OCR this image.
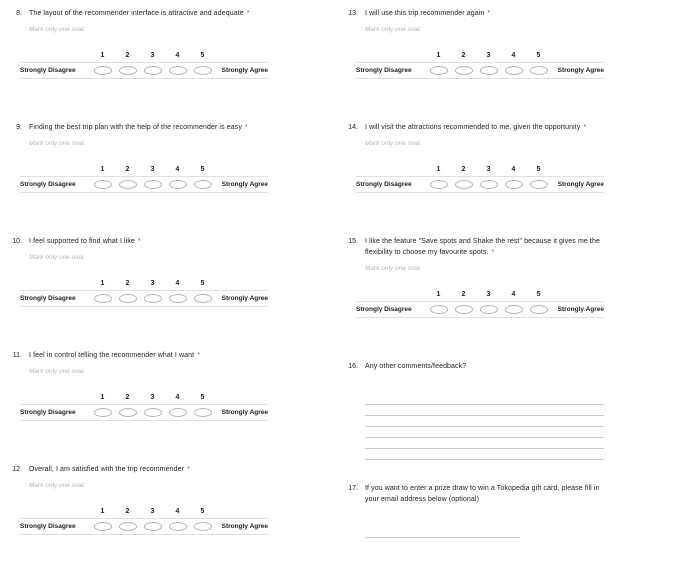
8. The layout of the recommender interface is attractive and adequate *
Mark only one oval.
1	2	3	4	5
Strongly Disagree	Strongly Agree
9. Finding the best trip plan with the help of the recommender is easy *
Mark only one oval.
1	2	3	4	5
Strongly Disagree	Strongly Agree
10. I feel supported to find what I like *
Mark only one oval.
1	2	3	4	5
Strongly Disagree	Strongly Agree
11. I feel in control telling the recommender what I want *
Mark only one oval.
1	2	3	4	5
Strongly Disagree	Strongly Agree
12. Overall, I am satisfied with the trip recommender *
Mark only one oval.
1	2	3	4	5
Strongly Disagree	Strongly Agree
13. I will use this trip recommender again *
Mark only one oval.
1	2	3	4	5
Strongly Disagree	Strongly Agree
14. I will visit the attractions recommended to me, given the opportunity *
Mark only one oval.
1	2	3	4	5
Strongly Disagree	Strongly Agree
15. I like the feature "Save spots and Shake the rest" because it gives me the flexibility to choose my favourite spots. *
Mark only one oval.
1	2	3	4	5
Strongly Disagree	Strongly Agree
16. Any other comments/feedback?
17. If you want to enter a prize draw to win a Tokopedia gift card, please fill in your email address below (optional)
